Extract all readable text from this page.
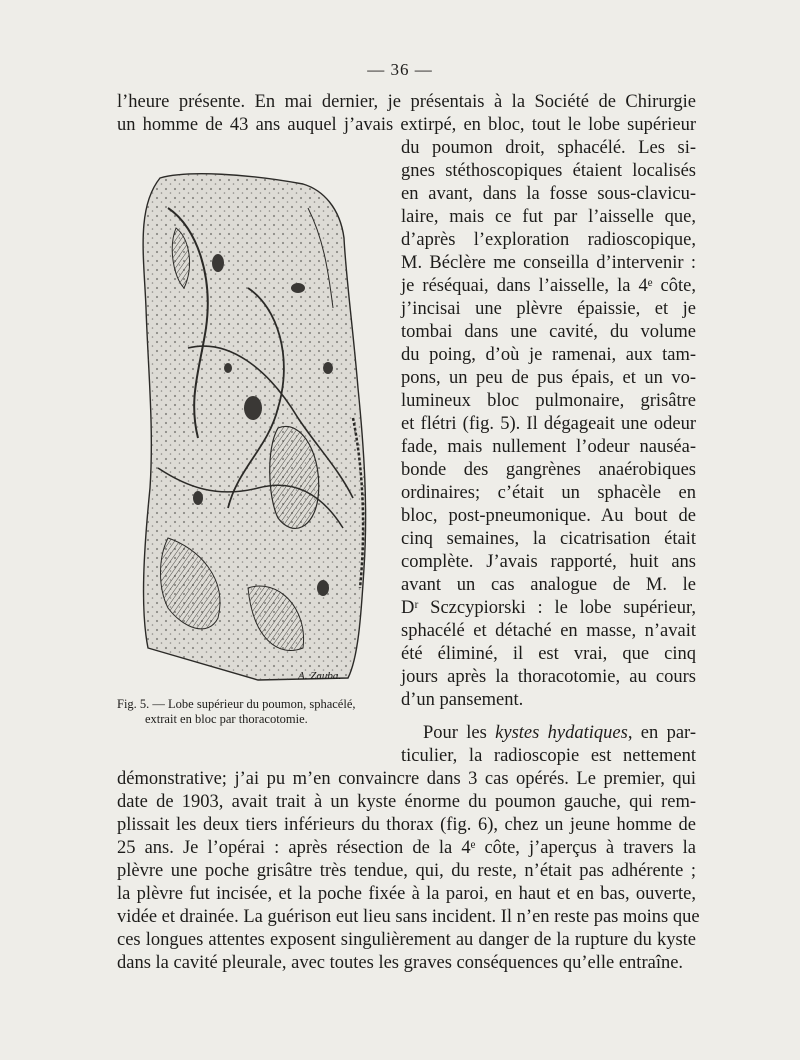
— 36 —
l’heure présente. En mai dernier, je présentais à la Société de Chirurgie
un homme de 43 ans auquel j’avais extirpé, en bloc, tout le lobe supérieur
du poumon droit, sphacélé. Les si-
gnes stéthoscopiques étaient localisés
en avant, dans la fosse sous-clavicu-
laire, mais ce fut par l’aisselle que,
d’après l’exploration radioscopique,
M. Béclère me conseilla d’intervenir :
je réséquai, dans l’aisselle, la 4ᵉ côte,
j’incisai une plèvre épaissie, et je
tombai dans une cavité, du volume
du poing, d’où je ramenai, aux tam-
pons, un peu de pus épais, et un vo-
lumineux bloc pulmonaire, grisâtre
et flétri (fig. 5). Il dégageait une odeur
fade, mais nullement l’odeur nauséa-
bonde des gangrènes anaérobiques
ordinaires; c’était un sphacèle en
bloc, post-pneumonique. Au bout de
cinq semaines, la cicatrisation était
complète. J’avais rapporté, huit ans
avant un cas analogue de M. le
Dʳ Sczcypiorski : le lobe supérieur,
sphacélé et détaché en masse, n’avait
été éliminé, il est vrai, que cinq
jours après la thoracotomie, au cours
d’un pansement.
Pour les kystes hydatiques, en par-
ticulier, la radioscopie est nettement
démonstrative; j’ai pu m’en convaincre dans 3 cas opérés. Le premier, qui
date de 1903, avait trait à un kyste énorme du poumon gauche, qui rem-
plissait les deux tiers inférieurs du thorax (fig. 6), chez un jeune homme de
25 ans. Je l’opérai : après résection de la 4ᵉ côte, j’aperçus à travers la
plèvre une poche grisâtre très tendue, qui, du reste, n’était pas adhérente ;
la plèvre fut incisée, et la poche fixée à la paroi, en haut et en bas, ouverte,
vidée et drainée. La guérison eut lieu sans incident. Il n’en reste pas moins que
ces longues attentes exposent singulièrement au danger de la rupture du kyste
dans la cavité pleurale, avec toutes les graves conséquences qu’elle entraîne.
A. Zauba.
Fig. 5. — Lobe supérieur du poumon, sphacélé,
extrait en bloc par thoracotomie.
